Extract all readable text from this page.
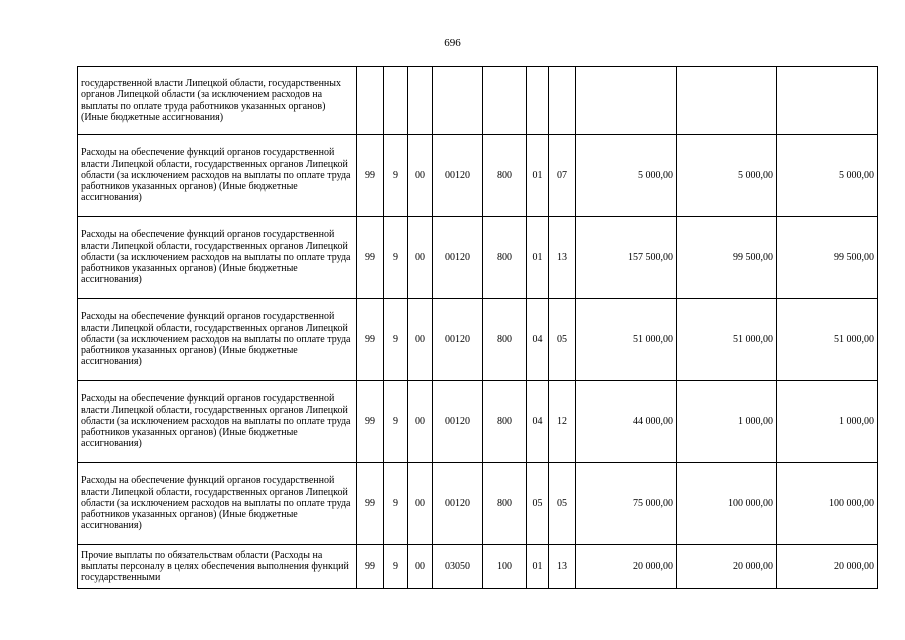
696
государственной власти Липецкой области, государственных органов Липецкой области (за исключением расходов на выплаты по оплате труда работников указанных органов) (Иные бюджетные ассигнования)										
Расходы на обеспечение функций органов государственной власти Липецкой области, государственных органов Липецкой области (за исключением расходов на выплаты по оплате труда работников указанных органов) (Иные бюджетные ассигнования)	99	9	00	00120	800	01	07	5 000,00	5 000,00	5 000,00
Расходы на обеспечение функций органов государственной власти Липецкой области, государственных органов Липецкой области (за исключением расходов на выплаты по оплате труда работников указанных органов) (Иные бюджетные ассигнования)	99	9	00	00120	800	01	13	157 500,00	99 500,00	99 500,00
Расходы на обеспечение функций органов государственной власти Липецкой области, государственных органов Липецкой области (за исключением расходов на выплаты по оплате труда работников указанных органов) (Иные бюджетные ассигнования)	99	9	00	00120	800	04	05	51 000,00	51 000,00	51 000,00
Расходы на обеспечение функций органов государственной власти Липецкой области, государственных органов Липецкой области (за исключением расходов на выплаты по оплате труда работников указанных органов) (Иные бюджетные ассигнования)	99	9	00	00120	800	04	12	44 000,00	1 000,00	1 000,00
Расходы на обеспечение функций органов государственной власти Липецкой области, государственных органов Липецкой области (за исключением расходов на выплаты по оплате труда работников указанных органов) (Иные бюджетные ассигнования)	99	9	00	00120	800	05	05	75 000,00	100 000,00	100 000,00
Прочие выплаты по обязательствам области (Расходы на выплаты персоналу в целях обеспечения выполнения функций государственными	99	9	00	03050	100	01	13	20 000,00	20 000,00	20 000,00
